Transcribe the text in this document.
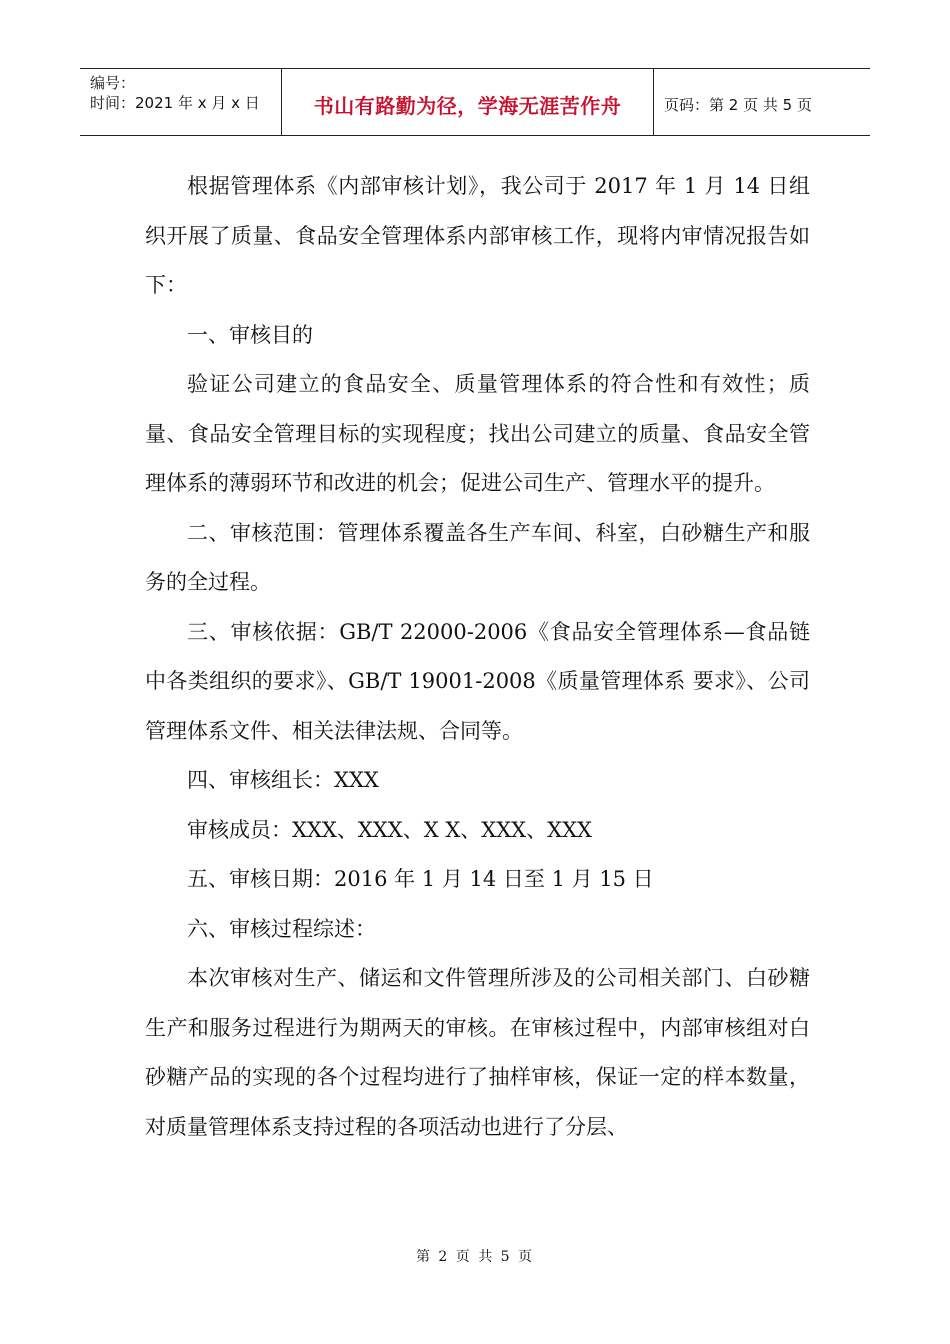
编号：
时间：2021 年 x 月 x 日	书山有路勤为径，学海无涯苦作舟	页码：第 2 页 共 5 页

根据管理体系《内部审核计划》，我公司于 2017 年 1 月 14 日组织开展了质量、食品安全管理体系内部审核工作，现将内审情况报告如下：

一、审核目的

验证公司建立的食品安全、质量管理体系的符合性和有效性；质量、食品安全管理目标的实现程度；找出公司建立的质量、食品安全管理体系的薄弱环节和改进的机会；促进公司生产、管理水平的提升。

二、审核范围：管理体系覆盖各生产车间、科室，白砂糖生产和服务的全过程。

三、审核依据：GB/T 22000-2006《食品安全管理体系—食品链中各类组织的要求》、GB/T 19001-2008《质量管理体系 要求》、公司管理体系文件、相关法律法规、合同等。

四、审核组长：XXX

审核成员：XXX、XXX、X X、XXX、XXX

五、审核日期：2016 年 1 月 14 日至 1 月 15 日

六、审核过程综述：

本次审核对生产、储运和文件管理所涉及的公司相关部门、白砂糖生产和服务过程进行为期两天的审核。在审核过程中，内部审核组对白砂糖产品的实现的各个过程均进行了抽样审核，保证一定的样本数量，对质量管理体系支持过程的各项活动也进行了分层、

第 2 页 共 5 页
